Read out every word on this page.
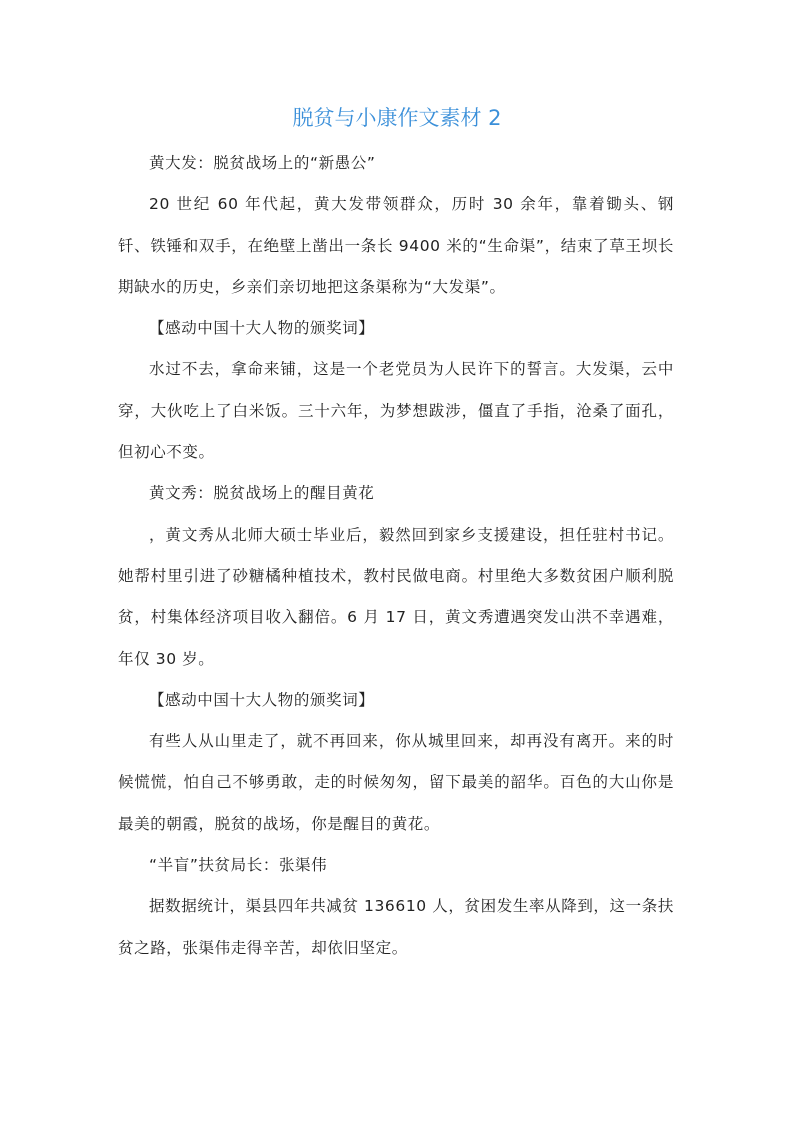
脱贫与小康作文素材 2

黄大发：脱贫战场上的“新愚公”

20 世纪 60 年代起，黄大发带领群众，历时 30 余年，靠着锄头、钢钎、铁锤和双手，在绝壁上凿出一条长 9400 米的“生命渠”，结束了草王坝长期缺水的历史，乡亲们亲切地把这条渠称为“大发渠”。

【感动中国十大人物的颁奖词】

水过不去，拿命来铺，这是一个老党员为人民许下的誓言。大发渠，云中穿，大伙吃上了白米饭。三十六年，为梦想跋涉，僵直了手指，沧桑了面孔，但初心不变。

黄文秀：脱贫战场上的醒目黄花

，黄文秀从北师大硕士毕业后，毅然回到家乡支援建设，担任驻村书记。她帮村里引进了砂糖橘种植技术，教村民做电商。村里绝大多数贫困户顺利脱贫，村集体经济项目收入翻倍。6 月 17 日，黄文秀遭遇突发山洪不幸遇难，年仅 30 岁。

【感动中国十大人物的颁奖词】

有些人从山里走了，就不再回来，你从城里回来，却再没有离开。来的时候慌慌，怕自己不够勇敢，走的时候匆匆，留下最美的韶华。百色的大山你是最美的朝霞，脱贫的战场，你是醒目的黄花。

“半盲”扶贫局长：张渠伟

据数据统计，渠县四年共减贫 136610 人，贫困发生率从降到，这一条扶贫之路，张渠伟走得辛苦，却依旧坚定。
